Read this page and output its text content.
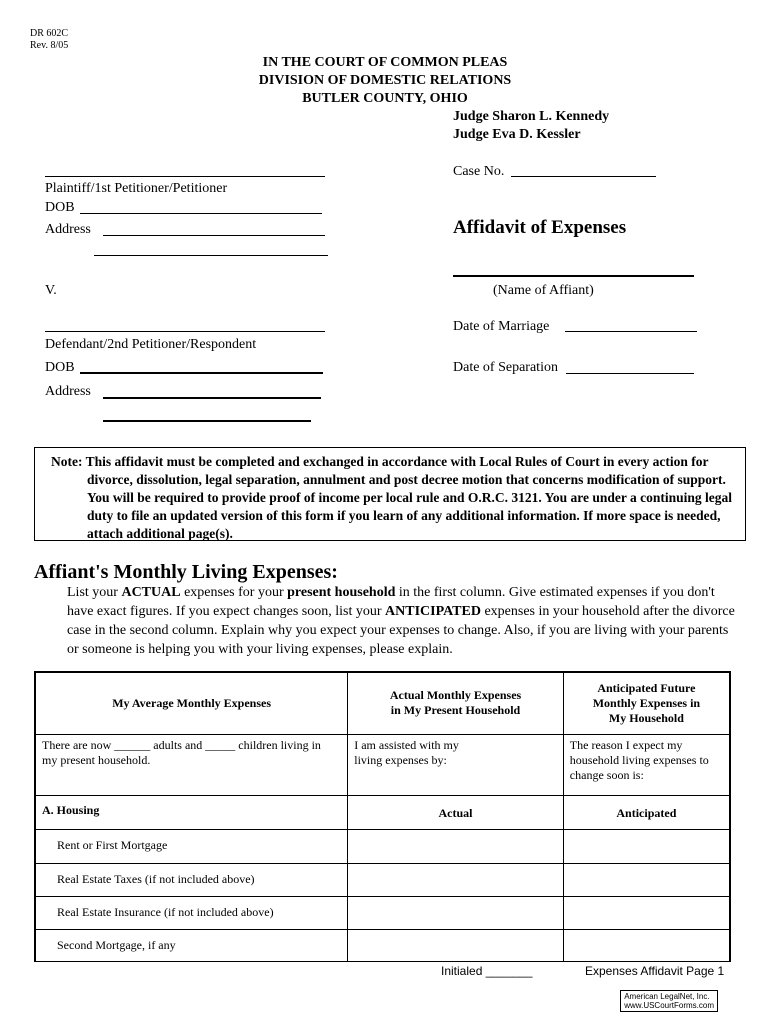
DR 602C
Rev. 8/05
IN THE COURT OF COMMON PLEAS
DIVISION OF DOMESTIC RELATIONS
BUTLER COUNTY, OHIO
Judge Sharon L. Kennedy
Judge Eva D. Kessler
Plaintiff/1st Petitioner/Petitioner
DOB
Address
V.
Defendant/2nd Petitioner/Respondent
DOB
Address
Case No.
Affidavit of Expenses
(Name of Affiant)
Date of Marriage
Date of Separation

Note: This affidavit must be completed and exchanged in accordance with Local Rules of Court in every action for divorce, dissolution, legal separation, annulment and post decree motion that concerns modification of support. You will be required to provide proof of income per local rule and O.R.C. 3121. You are under a continuing legal duty to file an updated version of this form if you learn of any additional information. If more space is needed, attach additional page(s).

Affiant's Monthly Living Expenses:
List your ACTUAL expenses for your present household in the first column. Give estimated expenses if you don't have exact figures. If you expect changes soon, list your ANTICIPATED expenses in your household after the divorce case in the second column. Explain why you expect your expenses to change. Also, if you are living with your parents or someone is helping you with your living expenses, please explain.
My Average Monthly Expenses	Actual Monthly Expenses in My Present Household	Anticipated Future Monthly Expenses in My Household

There are now ______ adults and _____ children living in my present household.	I am assisted with my living expenses by:	The reason I expect my household living expenses to change soon is:

A. Housing	Actual	Anticipated

Rent or First Mortgage		

Real Estate Taxes (if not included above)		

Real Estate Insurance (if not included above)		

Second Mortgage, if any		

Initialed _______	Expenses Affidavit Page 1
American LegalNet, Inc.
www.USCourtForms.com
